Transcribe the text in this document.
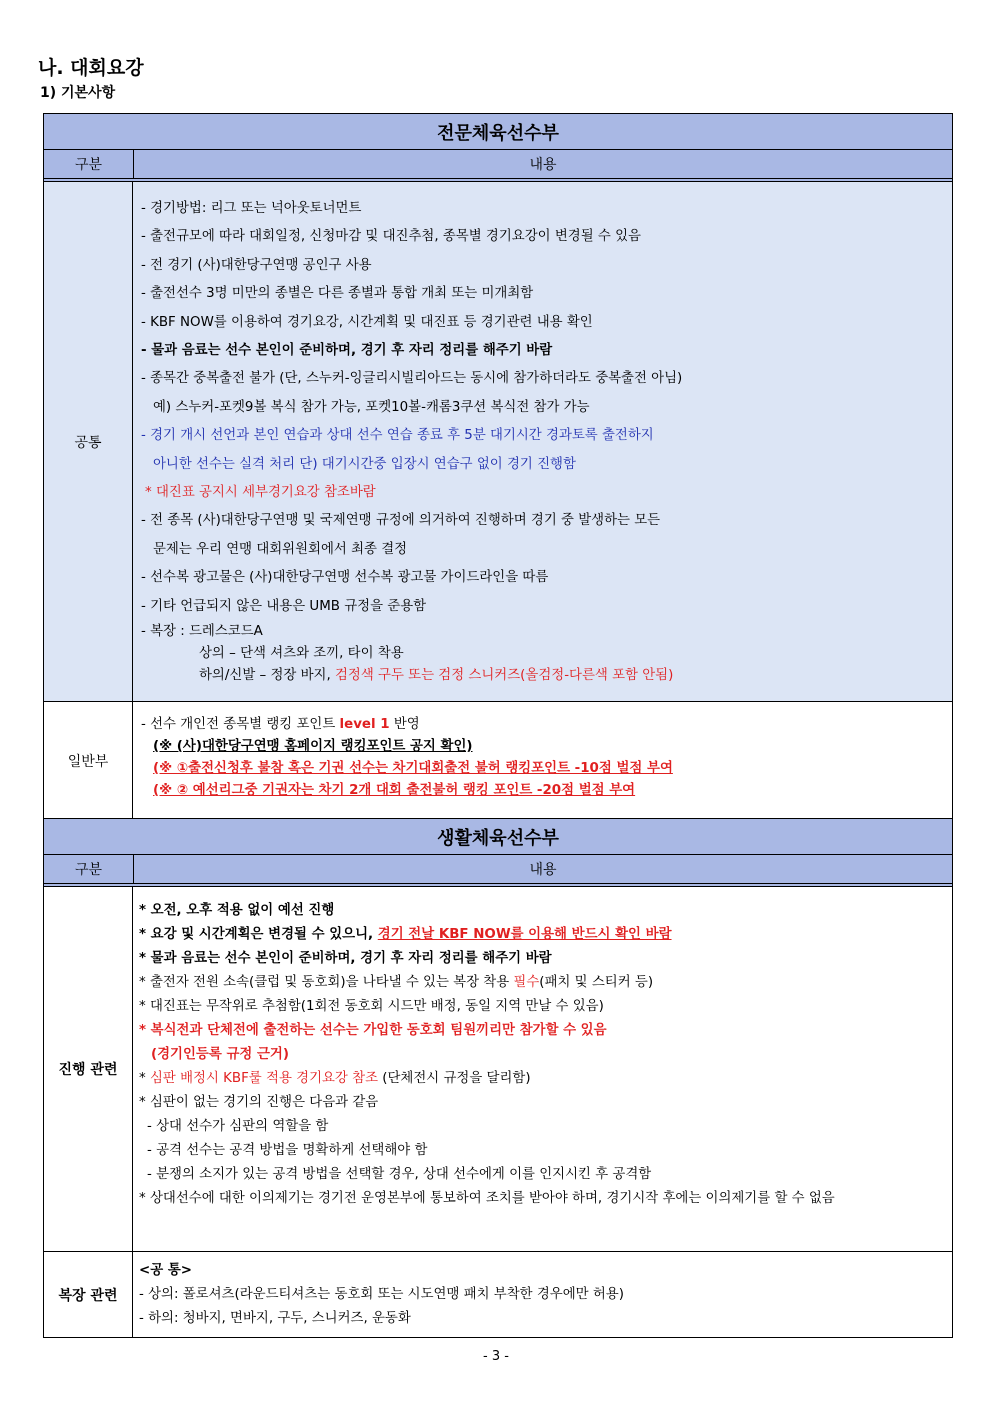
나. 대회요강
1) 기본사항
전문체육선수부
구분	내용
공통
- 경기방법: 리그 또는 넉아웃토너먼트
- 출전규모에 따라 대회일정, 신청마감 및 대진추첨, 종목별 경기요강이 변경될 수 있음
- 전 경기 (사)대한당구연맹 공인구 사용
- 출전선수 3명 미만의 종별은 다른 종별과 통합 개최 또는 미개최함
- KBF NOW를 이용하여 경기요강, 시간계획 및 대진표 등 경기관련 내용 확인
- 물과 음료는 선수 본인이 준비하며, 경기 후 자리 정리를 해주기 바람
- 종목간 중복출전 불가 (단, 스누커-잉글리시빌리아드는 동시에 참가하더라도 중복출전 아님)
예) 스누커-포켓9볼 복식 참가 가능, 포켓10볼-캐롬3쿠션 복식전 참가 가능
- 경기 개시 선언과 본인 연습과 상대 선수 연습 종료 후 5분 대기시간 경과토록 출전하지
아니한 선수는 실격 처리 단) 대기시간중 입장시 연습구 없이 경기 진행함
* 대진표 공지시 세부경기요강 참조바람
- 전 종목 (사)대한당구연맹 및 국제연맹 규정에 의거하여 진행하며 경기 중 발생하는 모든
문제는 우리 연맹 대회위원회에서 최종 결정
- 선수복 광고물은 (사)대한당구연맹 선수복 광고물 가이드라인을 따름
- 기타 언급되지 않은 내용은 UMB 규정을 준용함
- 복장 : 드레스코드A
상의 – 단색 셔츠와 조끼, 타이 착용
하의/신발 – 정장 바지, 검정색 구두 또는 검정 스니커즈(올검정-다른색 포함 안됨)
일반부
- 선수 개인전 종목별 랭킹 포인트 level 1 반영
(※ (사)대한당구연맹 홈페이지 랭킹포인트 공지 확인)
(※ ①출전신청후 불참 혹은 기권 선수는 차기대회출전 불허 랭킹포인트 -10점 벌점 부여
(※ ② 예선리그중 기권자는 차기 2개 대회 출전불허 랭킹 포인트 -20점 벌점 부여
생활체육선수부
구분	내용
진행 관련
* 오전, 오후 적용 없이 예선 진행
* 요강 및 시간계획은 변경될 수 있으니, 경기 전날 KBF NOW를 이용해 반드시 확인 바람
* 물과 음료는 선수 본인이 준비하며, 경기 후 자리 정리를 해주기 바람
* 출전자 전원 소속(클럽 및 동호회)을 나타낼 수 있는 복장 착용 필수(패치 및 스티커 등)
* 대진표는 무작위로 추첨함(1회전 동호회 시드만 배정, 동일 지역 만날 수 있음)
* 복식전과 단체전에 출전하는 선수는 가입한 동호회 팀원끼리만 참가할 수 있음
(경기인등록 규정 근거)
* 심판 배정시 KBF룰 적용 경기요강 참조 (단체전시 규정을 달리함)
* 심판이 없는 경기의 진행은 다음과 같음
- 상대 선수가 심판의 역할을 함
- 공격 선수는 공격 방법을 명확하게 선택해야 함
- 분쟁의 소지가 있는 공격 방법을 선택할 경우, 상대 선수에게 이를 인지시킨 후 공격함
* 상대선수에 대한 이의제기는 경기전 운영본부에 통보하여 조치를 받아야 하며, 경기시작 후에는 이의제기를 할 수 없음
복장 관련
<공 통>
- 상의: 폴로셔츠(라운드티셔츠는 동호회 또는 시도연맹 패치 부착한 경우에만 허용)
- 하의: 청바지, 면바지, 구두, 스니커즈, 운동화
- 3 -
